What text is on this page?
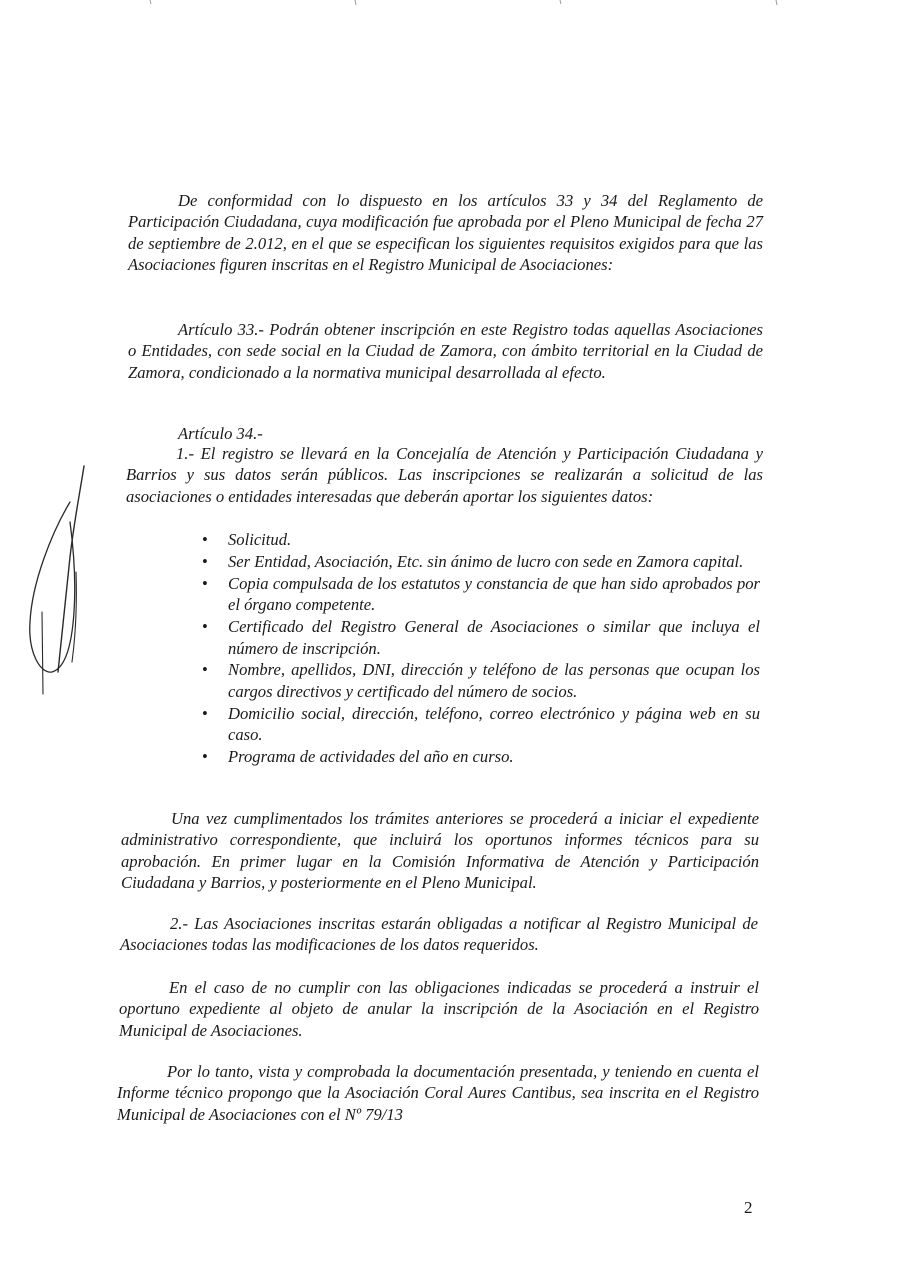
De conformidad con lo dispuesto en los artículos 33 y 34 del Reglamento de Participación Ciudadana, cuya modificación fue aprobada por el Pleno Municipal de fecha 27 de septiembre de 2.012, en el que se especifican los siguientes requisitos exigidos para que las Asociaciones figuren inscritas en el Registro Municipal de Asociaciones:

Artículo 33.- Podrán obtener inscripción en este Registro todas aquellas Asociaciones o Entidades, con sede social en la Ciudad de Zamora, con ámbito territorial en la Ciudad de Zamora, condicionado a la normativa municipal desarrollada al efecto.

Artículo 34.-

1.- El registro se llevará en la Concejalía de Atención y Participación Ciudadana y Barrios y sus datos serán públicos. Las inscripciones se realizarán a solicitud de las asociaciones o entidades interesadas que deberán aportar los siguientes datos:

• Solicitud.
• Ser Entidad, Asociación, Etc. sin ánimo de lucro con sede en Zamora capital.
• Copia compulsada de los estatutos y constancia de que han sido aprobados por el órgano competente.
• Certificado del Registro General de Asociaciones o similar que incluya el número de inscripción.
• Nombre, apellidos, DNI, dirección y teléfono de las personas que ocupan los cargos directivos y certificado del número de socios.
• Domicilio social, dirección, teléfono, correo electrónico y página web en su caso.
• Programa de actividades del año en curso.

Una vez cumplimentados los trámites anteriores se procederá a iniciar el expediente administrativo correspondiente, que incluirá los oportunos informes técnicos para su aprobación. En primer lugar en la Comisión Informativa de Atención y Participación Ciudadana y Barrios, y posteriormente en el Pleno Municipal.

2.- Las Asociaciones inscritas estarán obligadas a notificar al Registro Municipal de Asociaciones todas las modificaciones de los datos requeridos.

En el caso de no cumplir con las obligaciones indicadas se procederá a instruir el oportuno expediente al objeto de anular la inscripción de la Asociación en el Registro Municipal de Asociaciones.

Por lo tanto, vista y comprobada la documentación presentada, y teniendo en cuenta el Informe técnico propongo que la Asociación Coral Aures Cantibus, sea inscrita en el Registro Municipal de Asociaciones con el Nº 79/13

2
